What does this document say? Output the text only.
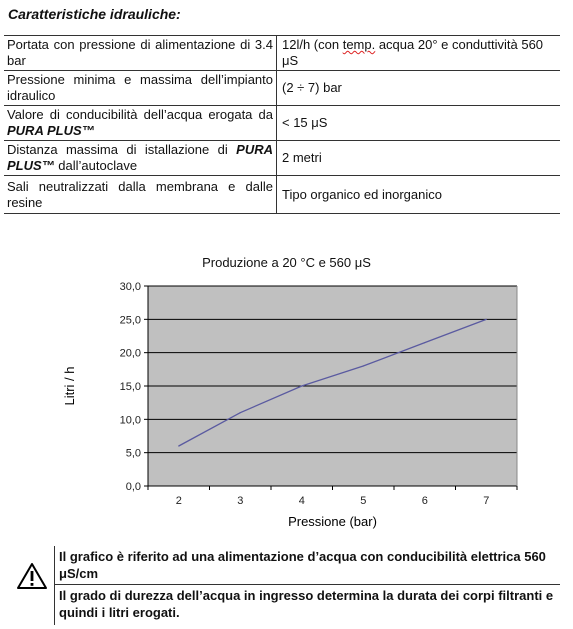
Caratteristiche idrauliche:
Portata con pressione di alimentazione di 3.4 bar	12l/h (con temp. acqua 20° e conduttività 560 μS
Pressione minima e massima dell’impianto idraulico	(2 ÷ 7) bar
Valore di conducibilità dell’acqua erogata da PURA PLUS™	< 15 μS
Distanza massima di istallazione di PURA PLUS™ dall’autoclave	2 metri
Sali neutralizzati dalla membrana e dalle resine	Tipo organico ed inorganico
Produzione a 20 °C e 560 μS
0,0
5,0
10,0
15,0
20,0
25,0
30,0
2	3	4	5	6	7
Litri / h
Pressione (bar)
Il grafico è riferito ad una alimentazione d’acqua con conducibilità elettrica 560 μS/cm
Il grado di durezza dell’acqua in ingresso determina la durata dei corpi filtranti e quindi i litri erogati.
